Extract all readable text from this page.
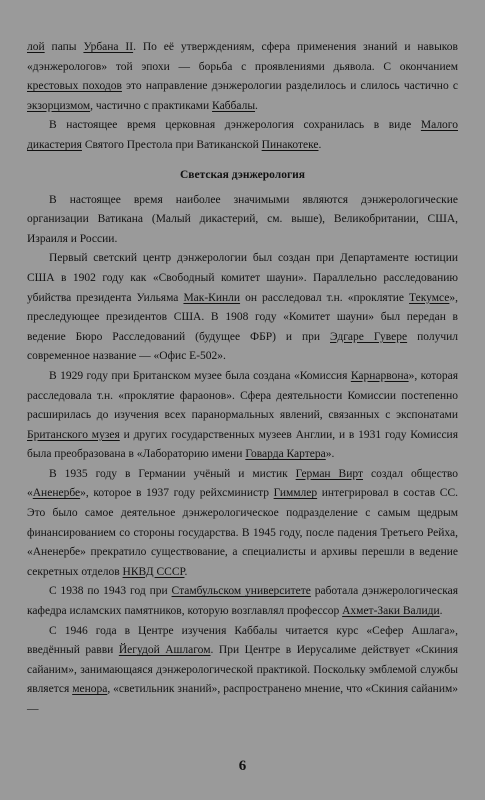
лой папы Урбана II. По её утверждениям, сфера применения знаний и навыков «дэнжерологов» той эпохи — борьба с проявлениями дьявола. С окончанием крестовых походов это направление дэнжерологии разделилось и слилось частично с экзорцизмом, частично с практиками Каббалы.

В настоящее время церковная дэнжерология сохранилась в виде Малого дикастерия Святого Престола при Ватиканской Пинакотеке.

Светская дэнжерология

В настоящее время наиболее значимыми являются дэнжерологические организации Ватикана (Малый дикастерий, см. выше), Великобритании, США, Израиля и России.

Первый светский центр дэнжерологии был создан при Департаменте юстиции США в 1902 году как «Свободный комитет шауни». Параллельно расследованию убийства президента Уильяма Мак-Кинли он расследовал т.н. «проклятие Текумсе», преследующее президентов США. В 1908 году «Комитет шауни» был передан в ведение Бюро Расследований (будущее ФБР) и при Эдгаре Гувере получил современное название — «Офис Е-502».

В 1929 году при Британском музее была создана «Комиссия Карнарвона», которая расследовала т.н. «проклятие фараонов». Сфера деятельности Комиссии постепенно расширилась до изучения всех паранормальных явлений, связанных с экспонатами Британского музея и других государственных музеев Англии, и в 1931 году Комиссия была преобразована в «Лабораторию имени Говарда Картера».

В 1935 году в Германии учёный и мистик Герман Вирт создал общество «Аненербе», которое в 1937 году рейхсминистр Гиммлер интегрировал в состав СС. Это было самое деятельное дэнжерологическое подразделение с самым щедрым финансированием со стороны государства. В 1945 году, после падения Третьего Рейха, «Аненербе» прекратило существование, а специалисты и архивы перешли в ведение секретных отделов НКВД СССР.

С 1938 по 1943 год при Стамбульском университете работала дэнжерологическая кафедра исламских памятников, которую возглавлял профессор Ахмет-Заки Валиди.

С 1946 года в Центре изучения Каббалы читается курс «Сефер Ашлага», введённый равви Йегудой Ашлагом. При Центре в Иерусалиме действует «Скиния сайаним», занимающаяся дэнжерологической практикой. Поскольку эмблемой службы является менора, «светильник знаний», распространено мнение, что «Скиния сайаним» —

6
